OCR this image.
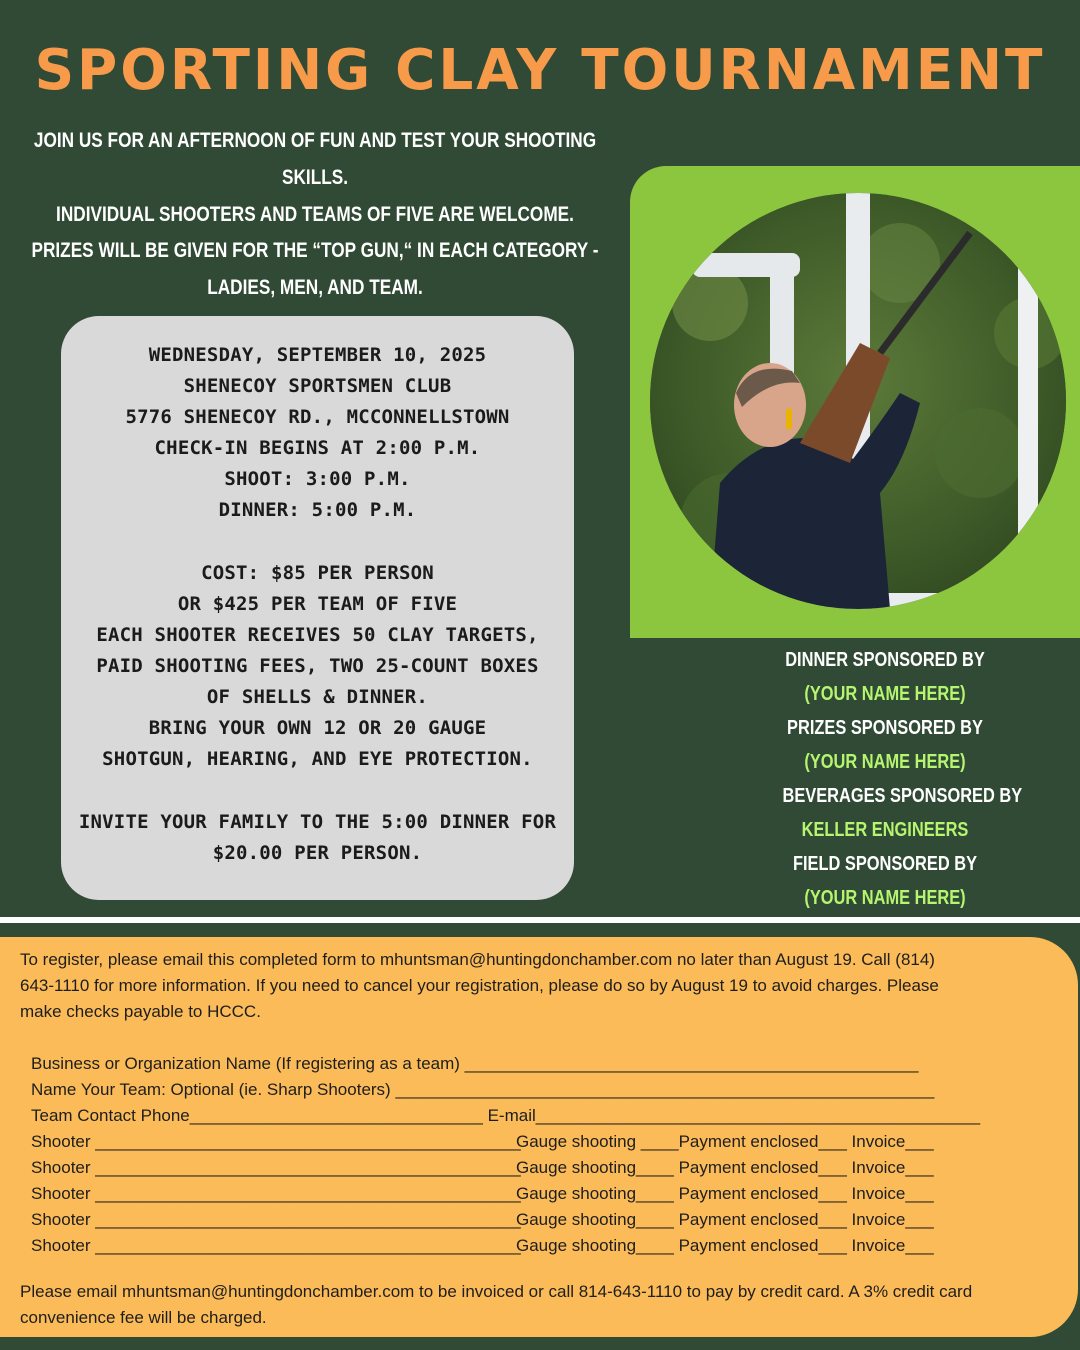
SPORTING CLAY TOURNAMENT
JOIN US FOR AN AFTERNOON OF FUN AND TEST YOUR SHOOTING SKILLS.
INDIVIDUAL SHOOTERS AND TEAMS OF FIVE ARE WELCOME.
PRIZES WILL BE GIVEN FOR THE “TOP GUN,“ IN EACH CATEGORY -
LADIES, MEN, AND TEAM.
WEDNESDAY, SEPTEMBER 10, 2025
SHENECOY SPORTSMEN CLUB
5776 SHENECOY RD., MCCONNELLSTOWN
CHECK-IN BEGINS AT 2:00 P.M.
SHOOT: 3:00 P.M.
DINNER: 5:00 P.M.
COST: $85 PER PERSON
OR $425 PER TEAM OF FIVE
EACH SHOOTER RECEIVES 50 CLAY TARGETS,
PAID SHOOTING FEES, TWO 25-COUNT BOXES
OF SHELLS & DINNER.
BRING YOUR OWN 12 OR 20 GAUGE
SHOTGUN, HEARING, AND EYE PROTECTION.
INVITE YOUR FAMILY TO THE 5:00 DINNER FOR
$20.00 PER PERSON.
DINNER SPONSORED BY
(YOUR NAME HERE)
PRIZES SPONSORED BY
(YOUR NAME HERE)
BEVERAGES SPONSORED BY
KELLER ENGINEERS
FIELD SPONSORED BY
(YOUR NAME HERE)
To register, please email this completed form to mhuntsman@huntingdonchamber.com no later than August 19. Call (814)
643-1110 for more information. If you need to cancel your registration, please do so by August 19 to avoid charges. Please
make checks payable to HCCC.
Business or Organization Name (If registering as a team) ________________________________________________
Name Your Team: Optional (ie. Sharp Shooters) _________________________________________________________
Team Contact Phone_______________________________ E-mail_______________________________________________
Shooter _____________________________________________
Gauge shooting ____Payment enclosed___ Invoice___
Shooter _____________________________________________
Gauge shooting____ Payment enclosed___ Invoice___
Shooter _____________________________________________
Gauge shooting____ Payment enclosed___ Invoice___
Shooter _____________________________________________
Gauge shooting____ Payment enclosed___ Invoice___
Shooter _____________________________________________
Gauge shooting____ Payment enclosed___ Invoice___
Please email mhuntsman@huntingdonchamber.com to be invoiced or call 814-643-1110 to pay by credit card. A 3% credit card
convenience fee will be charged.
